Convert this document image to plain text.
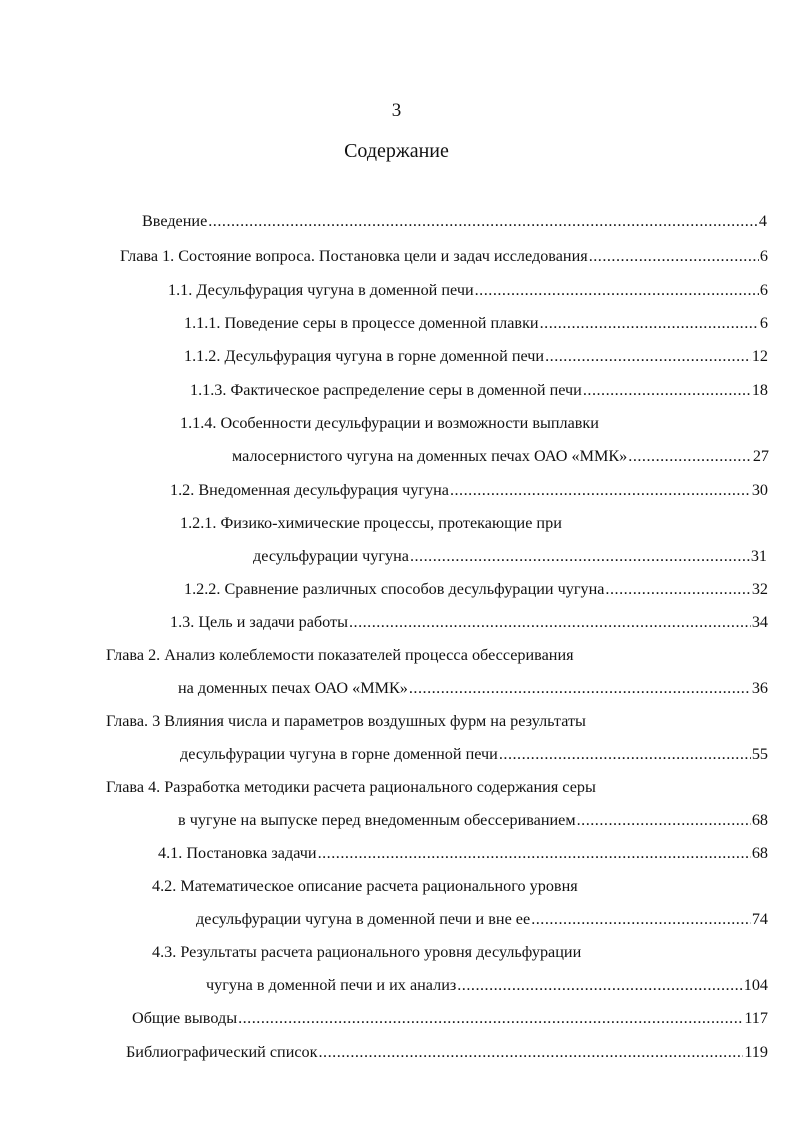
3
Содержание
Введение .....	4
Глава 1. Состояние вопроса. Постановка цели и задач исследования .....	6
1.1. Десульфурация чугуна в доменной печи .....	6
1.1.1. Поведение серы в процессе доменной плавки .....	6
1.1.2. Десульфурация чугуна в горне доменной печи .....	12
1.1.3. Фактическое распределение серы в доменной печи .....	18
1.1.4. Особенности десульфурации и возможности выплавки
малосернистого чугуна на доменных печах ОАО «ММК» .....	27
1.2. Внедоменная десульфурация чугуна .....	30
1.2.1. Физико-химические процессы, протекающие при
десульфурации чугуна .....	31
1.2.2. Сравнение различных способов десульфурации чугуна .....	32
1.3. Цель и задачи работы .....	34
Глава 2. Анализ колеблемости показателей процесса обессеривания
на доменных печах ОАО «ММК» .....	36
Глава. 3 Влияния числа и параметров воздушных фурм на результаты
десульфурации чугуна в горне доменной печи .....	55
Глава 4. Разработка методики расчета рационального содержания серы
в чугуне на выпуске перед внедоменным обессериванием .....	68
4.1. Постановка задачи .....	68
4.2. Математическое описание расчета рационального уровня
десульфурации чугуна в доменной печи и вне ее .....	74
4.3. Результаты расчета рационального уровня десульфурации
чугуна в доменной печи и их анализ .....	104
Общие выводы .....	117
Библиографический список .....	119
